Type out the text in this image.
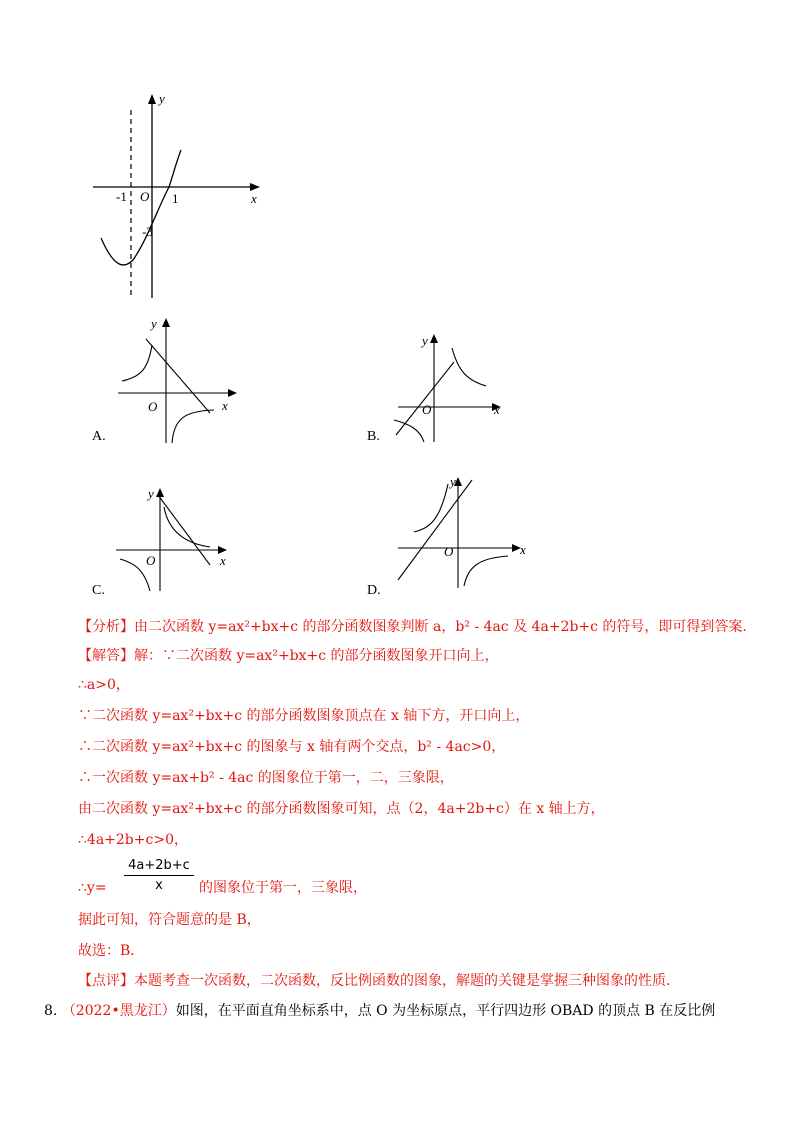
y
x
O
-1	1
-3
y
x
O
A.
y
x
O
B.
y
x
O
C.
y
x
O
D.
【分析】由二次函数 y=ax²+bx+c 的部分函数图象判断 a，b² - 4ac 及 4a+2b+c 的符号，即可得到答案.
【解答】解：∵二次函数 y=ax²+bx+c 的部分函数图象开口向上，
∴a>0，
∵二次函数 y=ax²+bx+c 的部分函数图象顶点在 x 轴下方，开口向上，
∴二次函数 y=ax²+bx+c 的图象与 x 轴有两个交点，b² - 4ac>0，
∴一次函数 y=ax+b² - 4ac 的图象位于第一，二，三象限，
由二次函数 y=ax²+bx+c 的部分函数图象可知，点（2，4a+2b+c）在 x 轴上方，
∴4a+2b+c>0，
$\frac{4a+2b+c}{x}$
∴y=	的图象位于第一，三象限，
据此可知，符合题意的是 B，
故选：B．
【点评】本题考查一次函数，二次函数，反比例函数的图象，解题的关键是掌握三种图象的性质．
8. （2022•黑龙江）如图，在平面直角坐标系中，点 O 为坐标原点，平行四边形 OBAD 的顶点 B 在反比例
